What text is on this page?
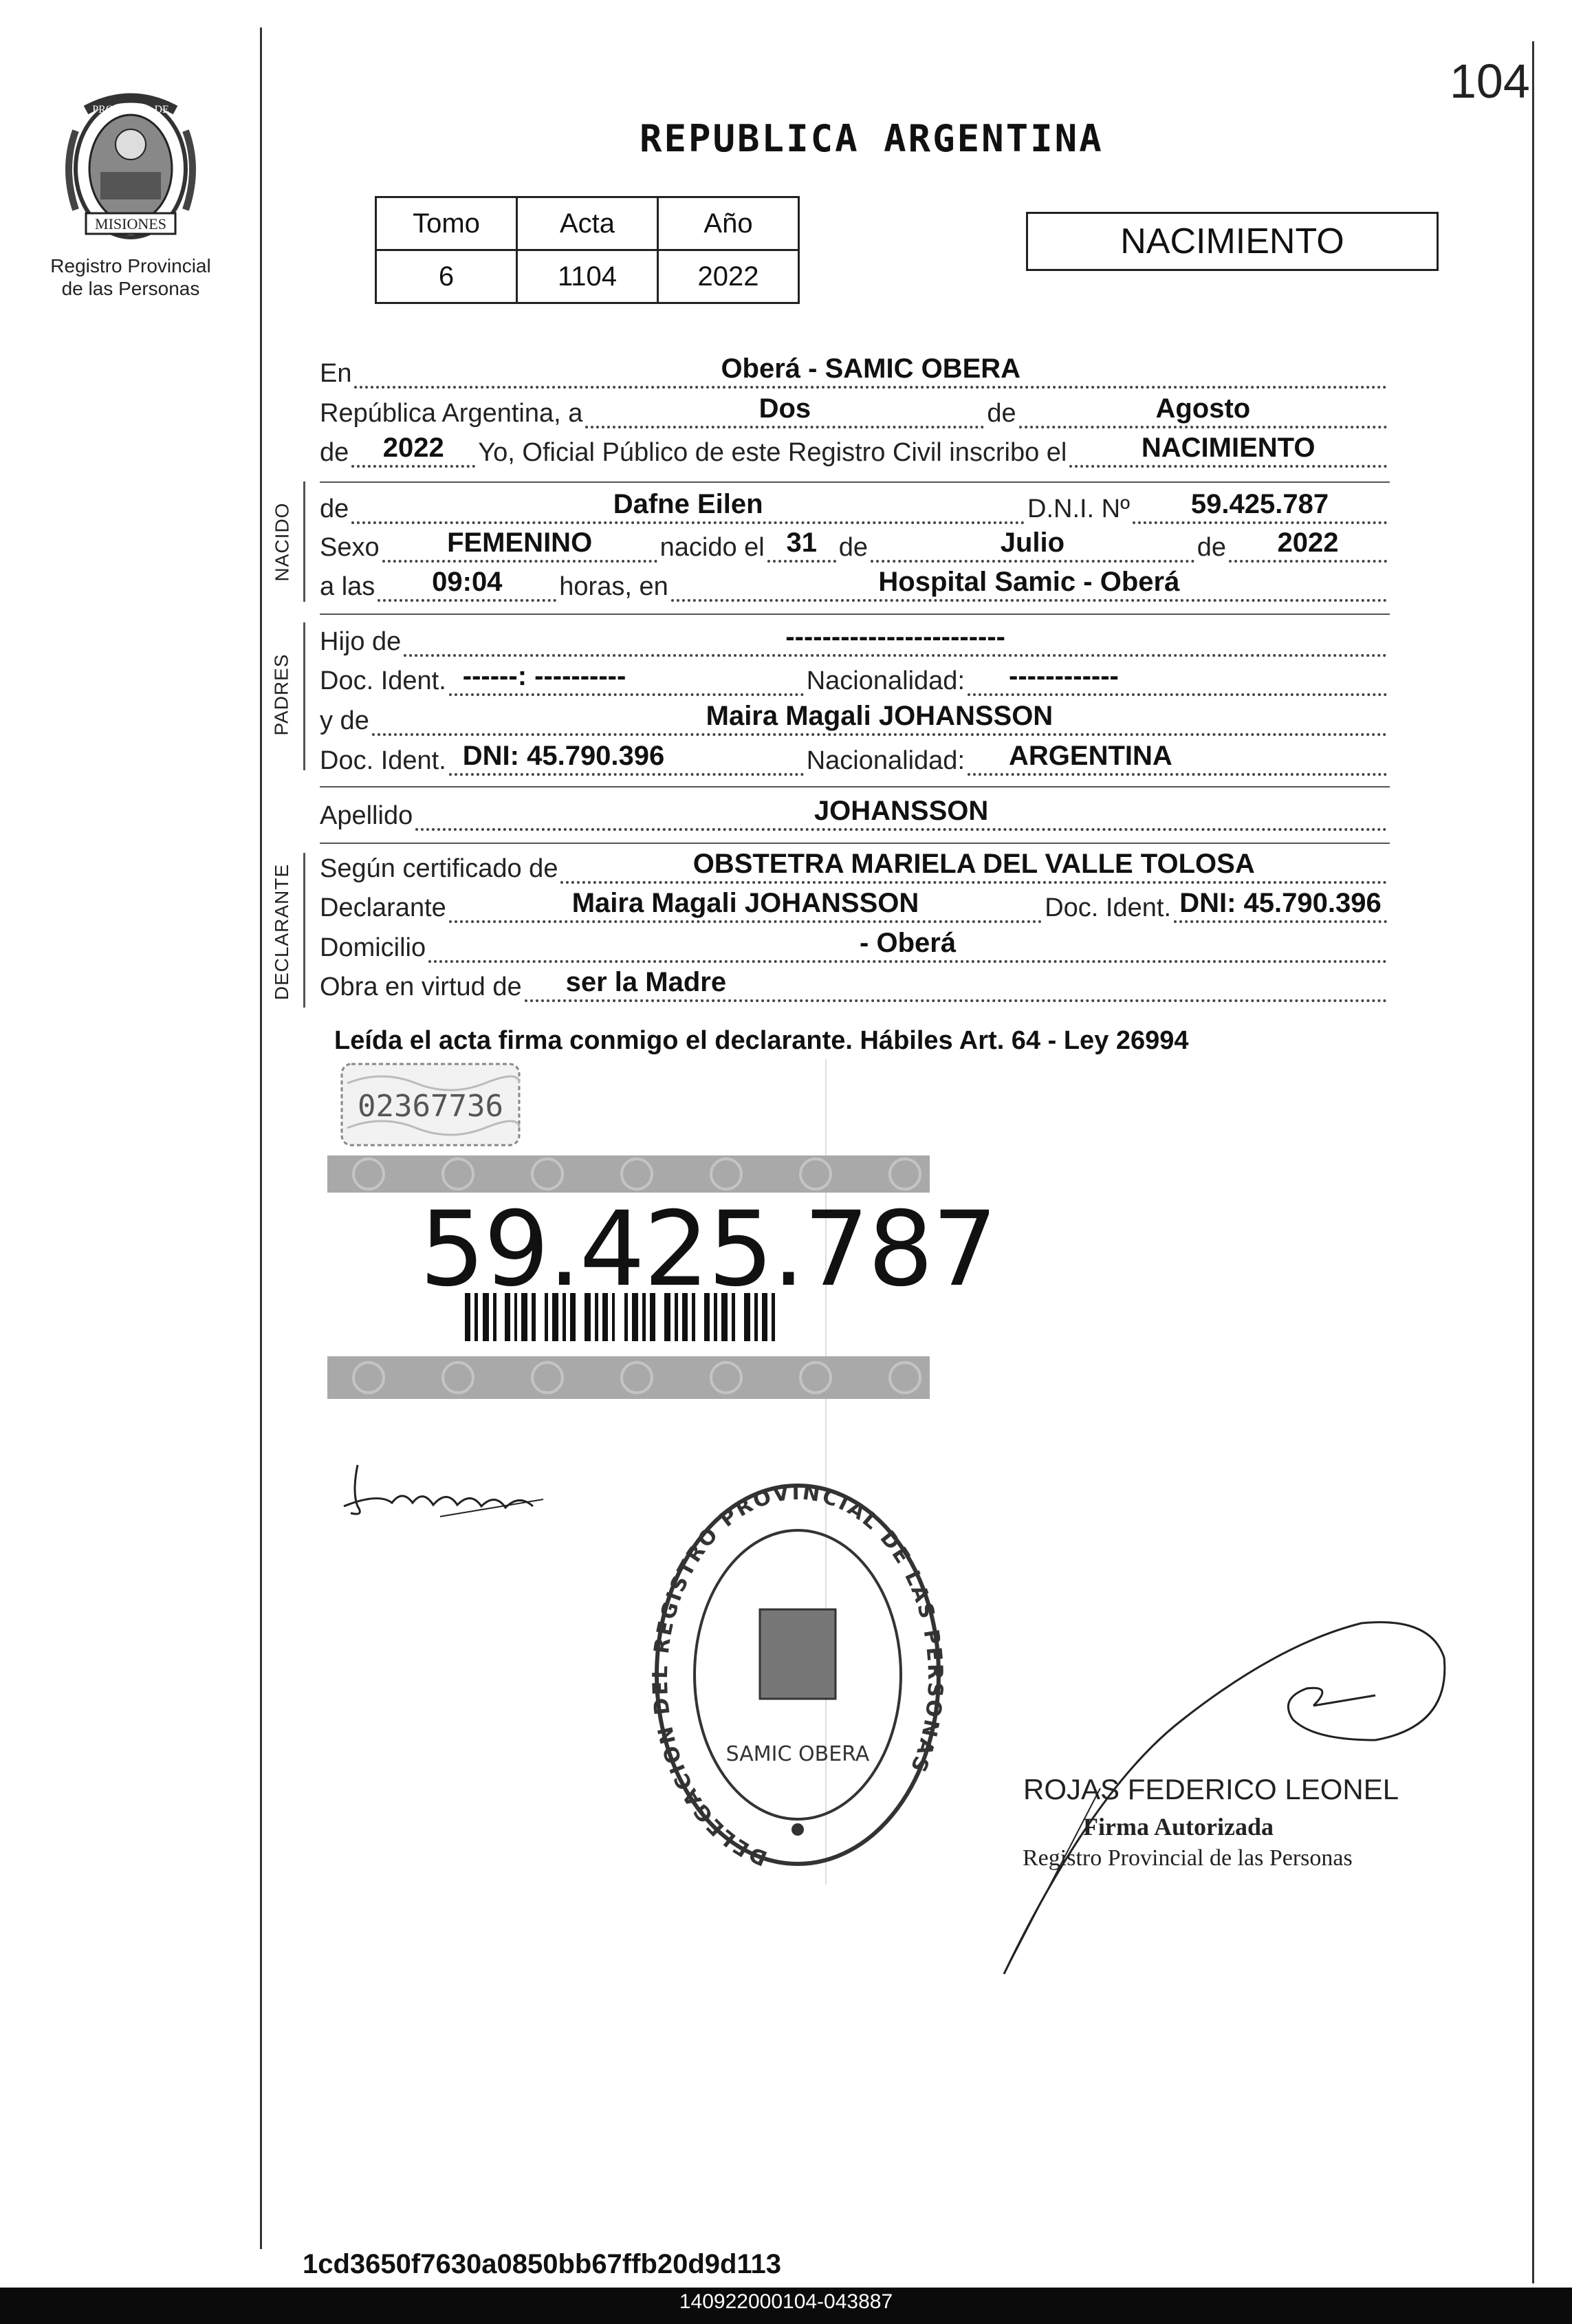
104
PROVINCIA DE
MISIONES
Registro Provincial
de las Personas
REPUBLICA ARGENTINA
Tomo	Acta	Año
6	1104	2022
NACIMIENTO
En	Oberá - SAMIC OBERA
República Argentina, a	Dos	de	Agosto
de	2022	Yo, Oficial Público de este Registro Civil inscribo el	NACIMIENTO
NACIDO de	Dafne Eilen	D.N.I. Nº	59.425.787
Sexo	FEMENINO	nacido el 31 de	Julio	de	2022
a las	09:04	horas, en	Hospital Samic - Oberá
PADRES
Hijo de	------------------------
Doc. Ident. ------: ----------	Nacionalidad: ------------
y de	Maira Magali JOHANSSON
Doc. Ident. DNI: 45.790.396	Nacionalidad: ARGENTINA
Apellido	JOHANSSON
DECLARANTE Según certificado de	OBSTETRA MARIELA DEL VALLE TOLOSA
Declarante	Maira Magali JOHANSSON	Doc. Ident. DNI: 45.790.396
Domicilio	- Oberá
Obra en virtud de ser la Madre
Leída el acta firma conmigo el declarante. Hábiles Art. 64 - Ley 26994
02367736
59.425.787
DELEGACION DEL REGISTRO PROVINCIAL DE LAS PERSONAS
SAMIC OBERA
ROJAS FEDERICO LEONEL
Firma Autorizada
Registro Provincial de las Personas
1cd3650f7630a0850bb67ffb20d9d113
140922000104-043887
